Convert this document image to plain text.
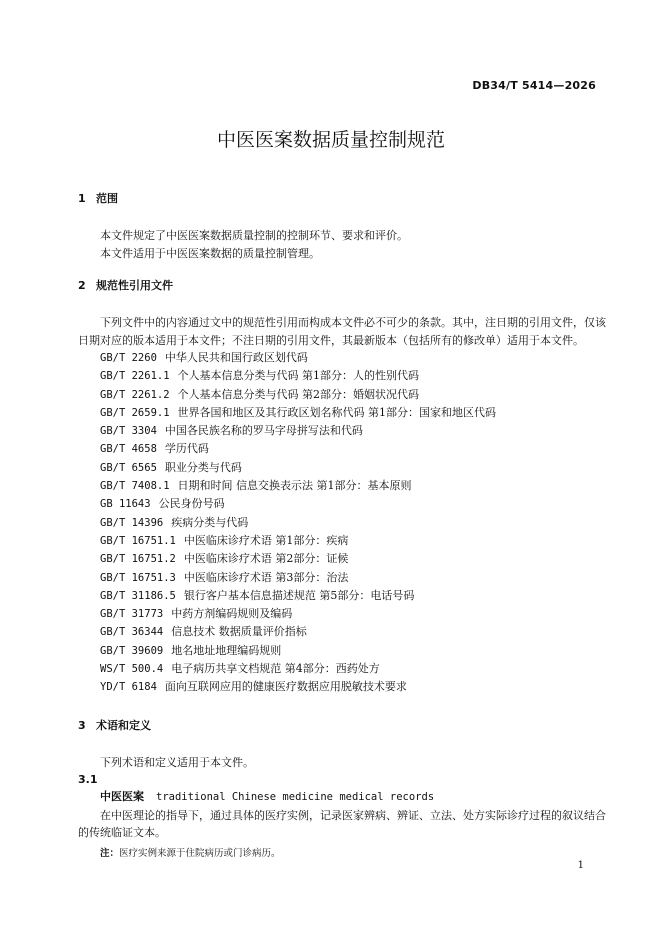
DB34/T 5414—2026
中医医案数据质量控制规范
1 范围
本文件规定了中医医案数据质量控制的控制环节、要求和评价。
本文件适用于中医医案数据的质量控制管理。
2 规范性引用文件
下列文件中的内容通过文中的规范性引用而构成本文件必不可少的条款。其中，注日期的引用文件，仅该日期对应的版本适用于本文件；不注日期的引用文件，其最新版本（包括所有的修改单）适用于本文件。
GB/T 2260 中华人民共和国行政区划代码
GB/T 2261.1 个人基本信息分类与代码 第1部分：人的性别代码
GB/T 2261.2 个人基本信息分类与代码 第2部分：婚姻状况代码
GB/T 2659.1 世界各国和地区及其行政区划名称代码 第1部分：国家和地区代码
GB/T 3304 中国各民族名称的罗马字母拼写法和代码
GB/T 4658 学历代码
GB/T 6565 职业分类与代码
GB/T 7408.1 日期和时间 信息交换表示法 第1部分：基本原则
GB 11643 公民身份号码
GB/T 14396 疾病分类与代码
GB/T 16751.1 中医临床诊疗术语 第1部分：疾病
GB/T 16751.2 中医临床诊疗术语 第2部分：证候
GB/T 16751.3 中医临床诊疗术语 第3部分：治法
GB/T 31186.5 银行客户基本信息描述规范 第5部分：电话号码
GB/T 31773 中药方剂编码规则及编码
GB/T 36344 信息技术 数据质量评价指标
GB/T 39609 地名地址地理编码规则
WS/T 500.4 电子病历共享文档规范 第4部分：西药处方
YD/T 6184 面向互联网应用的健康医疗数据应用脱敏技术要求
3 术语和定义
下列术语和定义适用于本文件。
3.1
中医医案 traditional Chinese medicine medical records
在中医理论的指导下，通过具体的医疗实例，记录医家辨病、辨证、立法、处方实际诊疗过程的叙议结合的传统临证文本。
注：医疗实例来源于住院病历或门诊病历。
1
